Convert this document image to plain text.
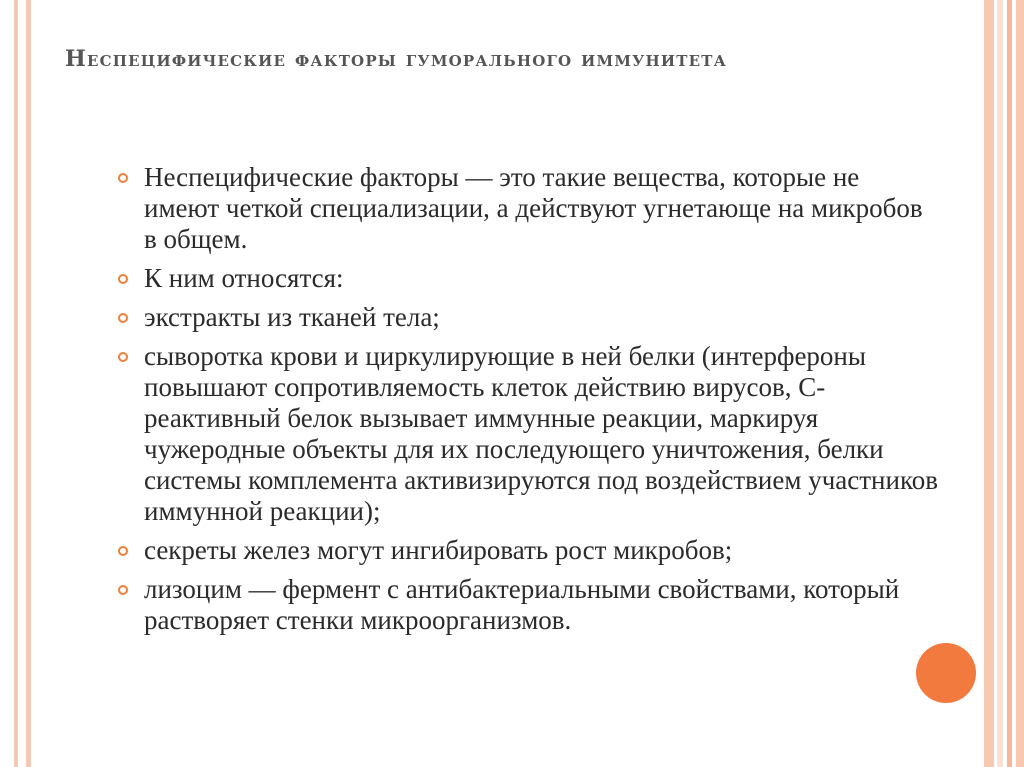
Неспецифические факторы гуморального иммунитета
Неспецифические факторы — это такие вещества, которые не имеют четкой специализации, а действуют угнетающе на микробов в общем.
К ним относятся:
экстракты из тканей тела;
сыворотка крови и циркулирующие в ней белки (интерфероны повышают сопротивляемость клеток действию вирусов, С-реактивный белок вызывает иммунные реакции, маркируя чужеродные объекты для их последующего уничтожения, белки системы комплемента активизируются под воздействием участников иммунной реакции);
секреты желез могут ингибировать рост микробов;
лизоцим — фермент с антибактериальными свойствами, который растворяет стенки микроорганизмов.
